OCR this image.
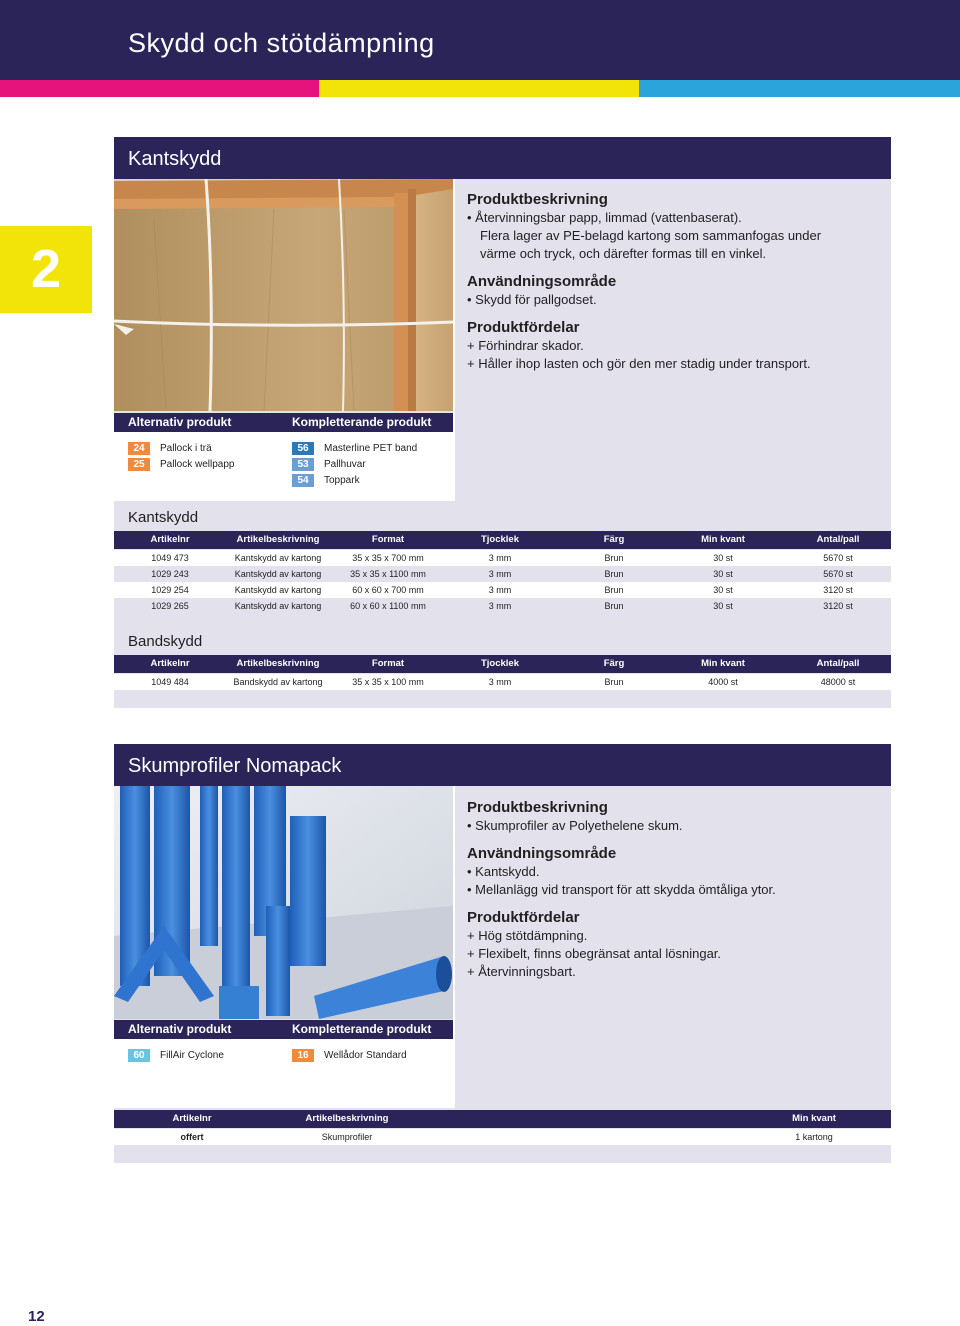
Skydd och stötdämpning
2
Kantskydd
Produktbeskrivning
• Återvinningsbar papp, limmad (vattenbaserat).
Flera lager av PE-belagd kartong som sammanfogas under
värme och tryck, och därefter formas till en vinkel.
Användningsområde
• Skydd för pallgodset.
Produktfördelar
+ Förhindrar skador.
+ Håller ihop lasten och gör den mer stadig under transport.
Alternativ produkt	Kompletterande produkt
24 Pallock i trä
25 Pallock wellpapp
56 Masterline PET band
53 Pallhuvar
54 Toppark
Kantskydd
Artikelnr	Artikelbeskrivning	Format	Tjocklek	Färg	Min kvant	Antal/pall
1049 473	Kantskydd av kartong	35 x 35 x 700 mm	3 mm	Brun	30 st	5670 st
1029 243	Kantskydd av kartong	35 x 35 x 1100 mm	3 mm	Brun	30 st	5670 st
1029 254	Kantskydd av kartong	60 x 60 x 700 mm	3 mm	Brun	30 st	3120 st
1029 265	Kantskydd av kartong	60 x 60 x 1100 mm	3 mm	Brun	30 st	3120 st
Bandskydd
Artikelnr	Artikelbeskrivning	Format	Tjocklek	Färg	Min kvant	Antal/pall
1049 484	Bandskydd av kartong	35 x 35 x 100 mm	3 mm	Brun	4000 st	48000 st
Skumprofiler Nomapack
Produktbeskrivning
• Skumprofiler av Polyethelene skum.
Användningsområde
• Kantskydd.
• Mellanlägg vid transport för att skydda ömtåliga ytor.
Produktfördelar
+ Hög stötdämpning.
+ Flexibelt, finns obegränsat antal lösningar.
+ Återvinningsbart.
Alternativ produkt	Kompletterande produkt
60 FillAir Cyclone	16 Wellådor Standard
Artikelnr	Artikelbeskrivning	Min kvant
offert	Skumprofiler	1 kartong
12
